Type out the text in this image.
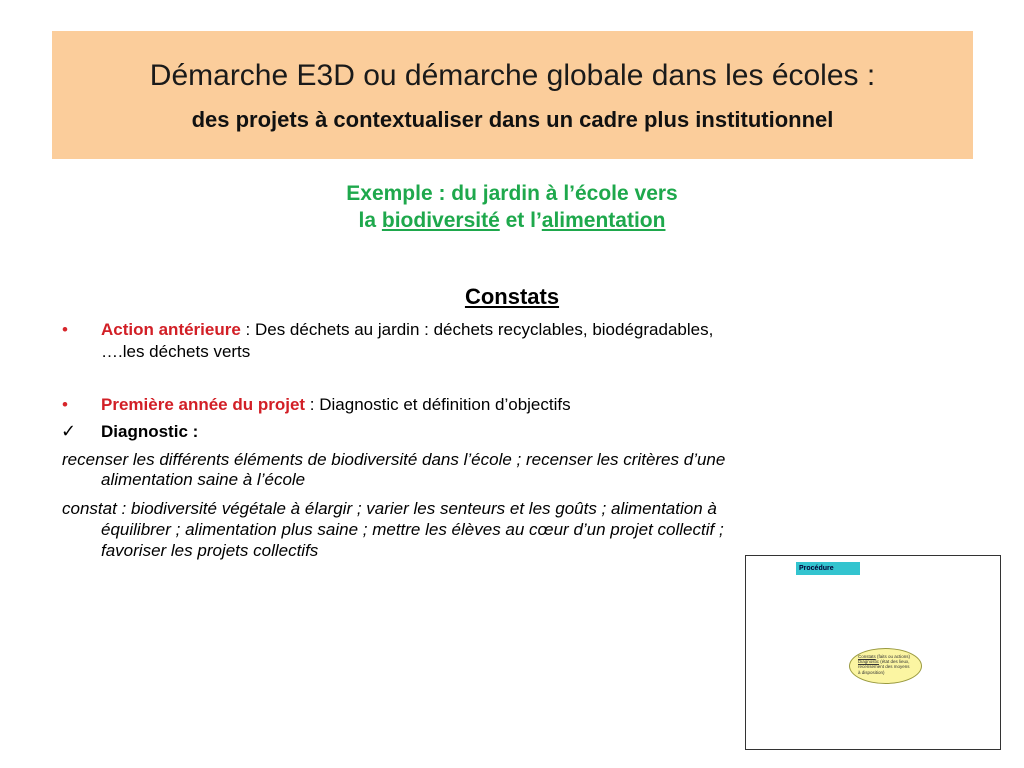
Démarche E3D ou démarche globale dans les écoles :
des projets à contextualiser dans un cadre plus institutionnel
Exemple : du jardin à l’école vers
la biodiversité et l’alimentation
Constats
• Action antérieure : Des déchets au jardin : déchets recyclables, biodégradables,
….les déchets verts
• Première année du projet : Diagnostic et définition d’objectifs
✓ Diagnostic :
recenser les différents éléments de biodiversité dans l’école ; recenser les critères d’une
alimentation saine à l’école
constat : biodiversité végétale à élargir ; varier les senteurs et les goûts ; alimentation à
équilibrer ; alimentation plus saine ; mettre les élèves au cœur d’un projet collectif ;
favoriser les projets collectifs
Procédure
Constats (faits ou actions)
Diagnostic (état des lieux, recensement des moyens à disposition)
